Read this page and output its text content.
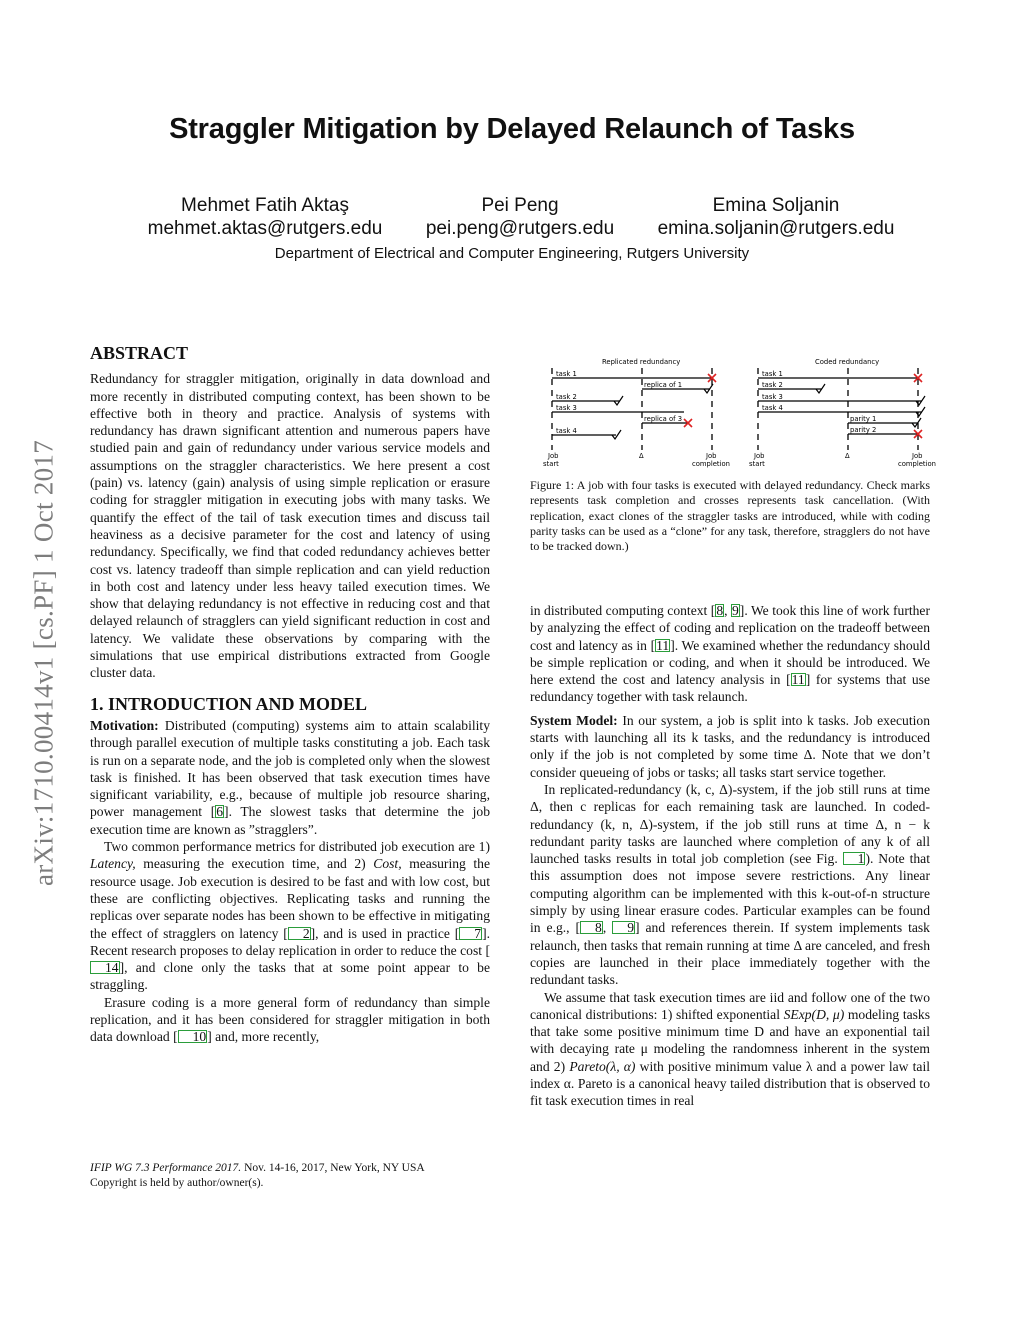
arXiv:1710.00414v1 [cs.PF] 1 Oct 2017
Straggler Mitigation by Delayed Relaunch of Tasks
Mehmet Fatih Aktaş
mehmet.aktas@rutgers.edu
Pei Peng
pei.peng@rutgers.edu
Emina Soljanin
emina.soljanin@rutgers.edu
Department of Electrical and Computer Engineering, Rutgers University
ABSTRACT

Redundancy for straggler mitigation, originally in data download and more recently in distributed computing context, has been shown to be effective both in theory and practice. Analysis of systems with redundancy has drawn significant attention and numerous papers have studied pain and gain of redundancy under various service models and assumptions on the straggler characteristics. We here present a cost (pain) vs. latency (gain) analysis of using simple replication or erasure coding for straggler mitigation in executing jobs with many tasks. We quantify the effect of the tail of task execution times and discuss tail heaviness as a decisive parameter for the cost and latency of using redundancy. Specifically, we find that coded redundancy achieves better cost vs. latency tradeoff than simple replication and can yield reduction in both cost and latency under less heavy tailed execution times. We show that delaying redundancy is not effective in reducing cost and that delayed relaunch of stragglers can yield significant reduction in cost and latency. We validate these observations by comparing with the simulations that use empirical distributions extracted from Google cluster data.

1. INTRODUCTION AND MODEL

Motivation: Distributed (computing) systems aim to attain scalability through parallel execution of multiple tasks constituting a job. Each task is run on a separate node, and the job is completed only when the slowest task is finished. It has been observed that task execution times have significant variability, e.g., because of multiple job resource sharing, power management [6]. The slowest tasks that determine the job execution time are known as ”stragglers”.

Two common performance metrics for distributed job execution are 1) Latency, measuring the execution time, and 2) Cost, measuring the resource usage. Job execution is desired to be fast and with low cost, but these are conflicting objectives. Replicating tasks and running the replicas over separate nodes has been shown to be effective in mitigating the effect of stragglers on latency [ 2], and is used in practice [ 7]. Recent research proposes to delay replication in order to reduce the cost [14], and clone only the tasks that at some point appear to be straggling.

Erasure coding is a more general form of redundancy than simple replication, and it has been considered for straggler mitigation in both data download [ 10] and, more recently,

IFIP WG 7.3 Performance 2017. Nov. 14-16, 2017, New York, NY USA
Copyright is held by author/owner(s).
Replicated redundancy	Coded redundancy
task 1
replica of 1
task 2
task 3
replica of 3
task 4
task 1
task 2
task 3
task 4
parity 1
parity 2
Job
start
Δ	Job
completion
Job
start
Δ	Job
completion
Figure 1: A job with four tasks is executed with delayed redundancy. Check marks represents task completion and crosses represents task cancellation. (With replication, exact clones of the straggler tasks are introduced, while with coding parity tasks can be used as a “clone” for any task, therefore, stragglers do not have to be tracked down.)

in distributed computing context [8, 9]. We took this line of work further by analyzing the effect of coding and replication on the tradeoff between cost and latency as in [11]. We examined whether the redundancy should be simple replication or coding, and when it should be introduced. We here extend the cost and latency analysis in [11] for systems that use redundancy together with task relaunch.

System Model: In our system, a job is split into k tasks. Job execution starts with launching all its k tasks, and the redundancy is introduced only if the job is not completed by some time Δ. Note that we don’t consider queueing of jobs or tasks; all tasks start service together.

In replicated-redundancy (k, c, Δ)-system, if the job still runs at time Δ, then c replicas for each remaining task are launched. In coded-redundancy (k, n, Δ)-system, if the job still runs at time Δ, n − k redundant parity tasks are launched where completion of any k of all launched tasks results in total job completion (see Fig. 1). Note that this assumption does not impose severe restrictions. Any linear computing algorithm can be implemented with this k-out-of-n structure simply by using linear erasure codes. Particular examples can be found in e.g., [ 8, 9] and references therein. If system implements task relaunch, then tasks that remain running at time Δ are canceled, and fresh copies are launched in their place immediately together with the redundant tasks.

We assume that task execution times are iid and follow one of the two canonical distributions: 1) shifted exponential SExp(D, μ) modeling tasks that take some positive minimum time D and have an exponential tail with decaying rate μ modeling the randomness inherent in the system and 2) Pareto(λ, α) with positive minimum value λ and a power law tail index α. Pareto is a canonical heavy tailed distribution that is observed to fit task execution times in real
